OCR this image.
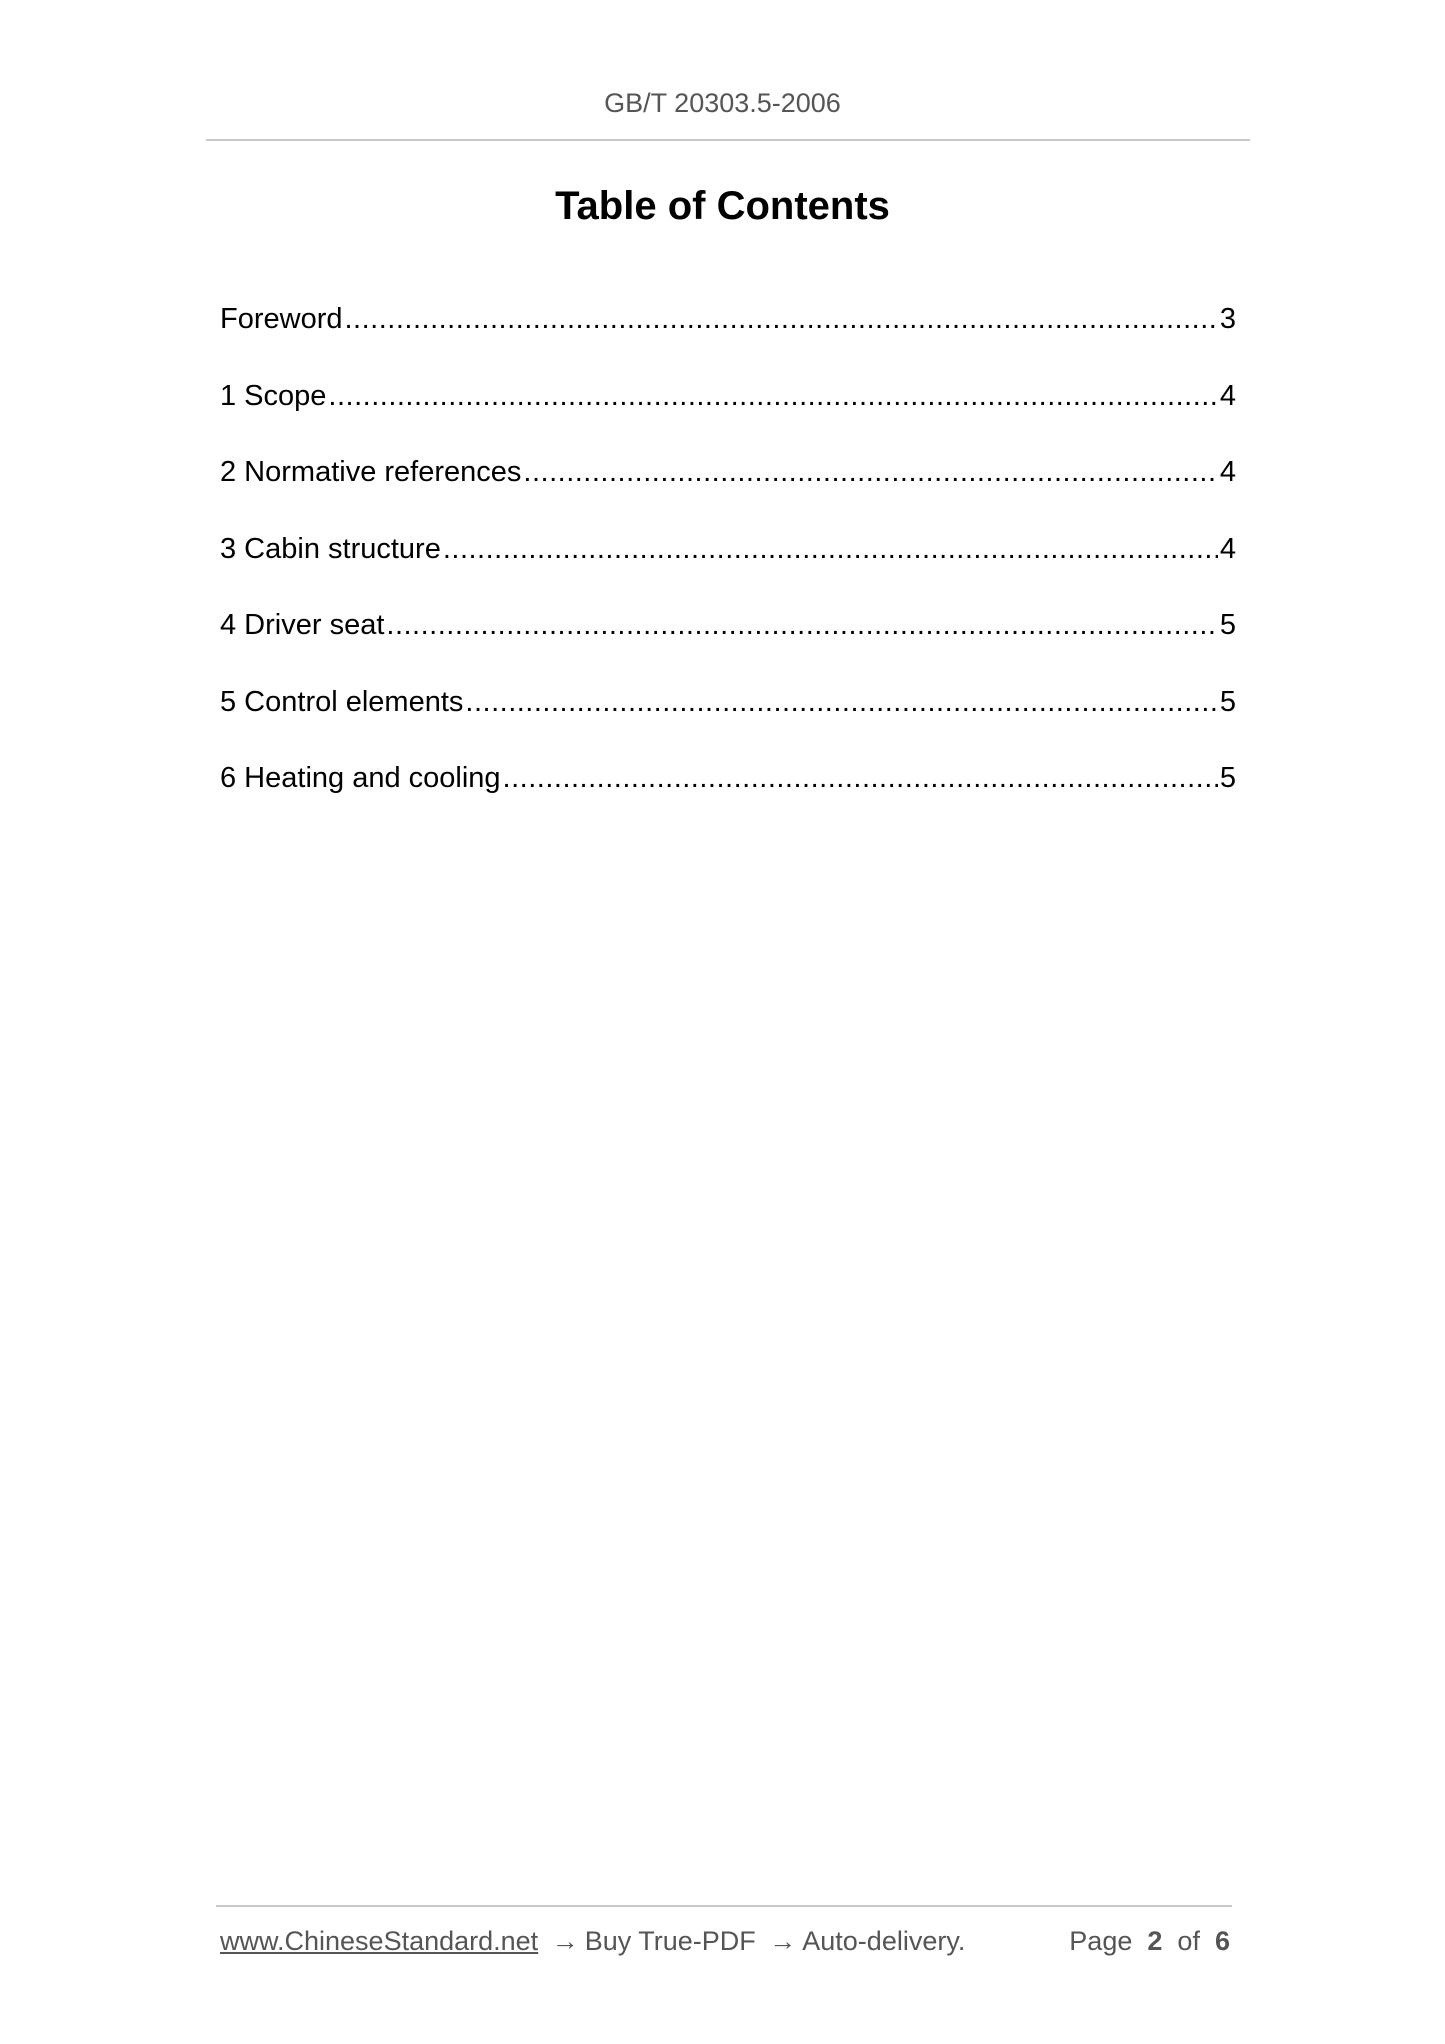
GB/T 20303.5-2006
Table of Contents
Foreword .....	3
1 Scope .....	4
2 Normative references .....	4
3 Cabin structure .....	4
4 Driver seat .....	5
5 Control elements .....	5
6 Heating and cooling .....	5
www.ChineseStandard.net → Buy True-PDF → Auto-delivery.	Page 2 of 6
